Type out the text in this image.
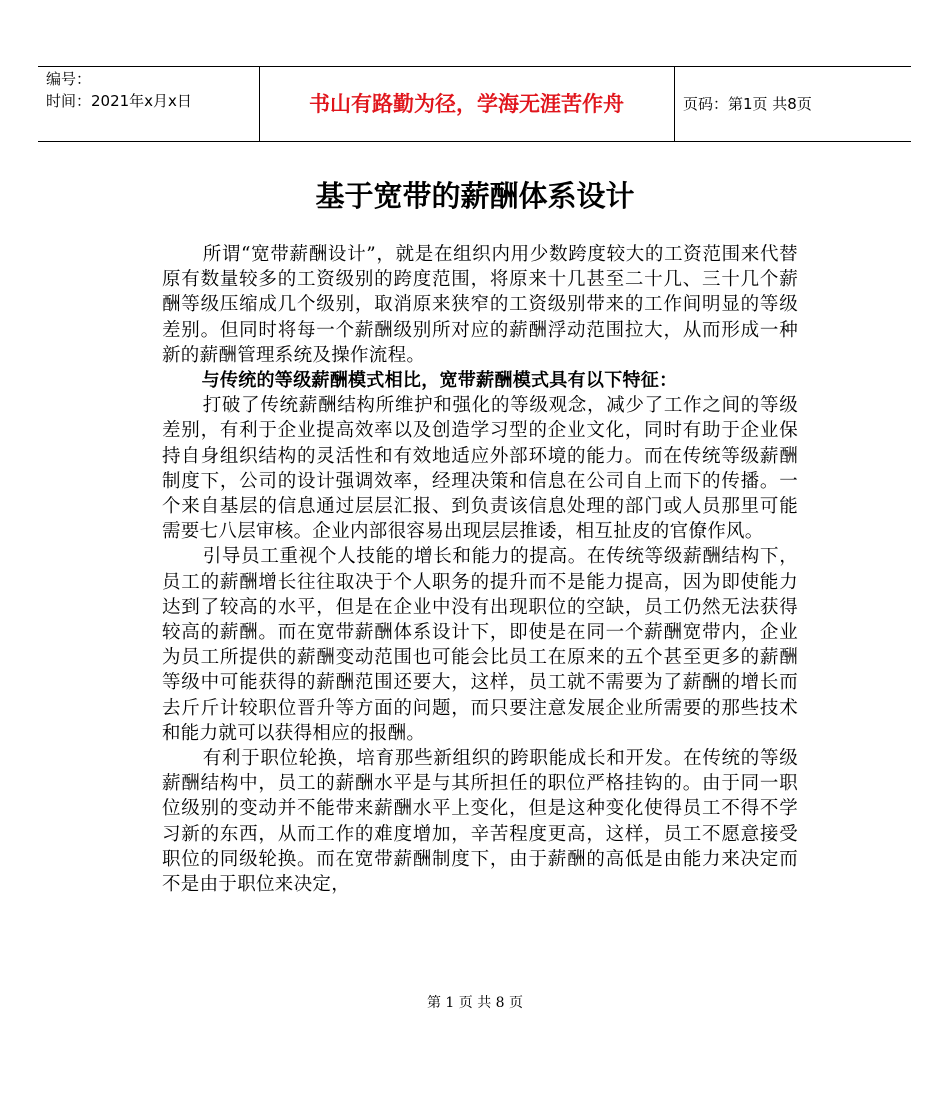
编号：
时间：2021年x月x日	书山有路勤为径，学海无涯苦作舟	页码：第1页 共8页
基于宽带的薪酬体系设计

所谓“宽带薪酬设计”，就是在组织内用少数跨度较大的工资范围来代替原有数量较多的工资级别的跨度范围，将原来十几甚至二十几、三十几个薪酬等级压缩成几个级别，取消原来狭窄的工资级别带来的工作间明显的等级差别。但同时将每一个薪酬级别所对应的薪酬浮动范围拉大，从而形成一种新的薪酬管理系统及操作流程。

与传统的等级薪酬模式相比，宽带薪酬模式具有以下特征：

打破了传统薪酬结构所维护和强化的等级观念，减少了工作之间的等级差别，有利于企业提高效率以及创造学习型的企业文化，同时有助于企业保持自身组织结构的灵活性和有效地适应外部环境的能力。而在传统等级薪酬制度下，公司的设计强调效率，经理决策和信息在公司自上而下的传播。一个来自基层的信息通过层层汇报、到负责该信息处理的部门或人员那里可能需要七八层审核。企业内部很容易出现层层推诿，相互扯皮的官僚作风。

引导员工重视个人技能的增长和能力的提高。在传统等级薪酬结构下，员工的薪酬增长往往取决于个人职务的提升而不是能力提高，因为即使能力达到了较高的水平，但是在企业中没有出现职位的空缺，员工仍然无法获得较高的薪酬。而在宽带薪酬体系设计下，即使是在同一个薪酬宽带内，企业为员工所提供的薪酬变动范围也可能会比员工在原来的五个甚至更多的薪酬等级中可能获得的薪酬范围还要大，这样，员工就不需要为了薪酬的增长而去斤斤计较职位晋升等方面的问题，而只要注意发展企业所需要的那些技术和能力就可以获得相应的报酬。

有利于职位轮换，培育那些新组织的跨职能成长和开发。在传统的等级薪酬结构中，员工的薪酬水平是与其所担任的职位严格挂钩的。由于同一职位级别的变动并不能带来薪酬水平上变化，但是这种变化使得员工不得不学习新的东西，从而工作的难度增加，辛苦程度更高，这样，员工不愿意接受职位的同级轮换。而在宽带薪酬制度下，由于薪酬的高低是由能力来决定而不是由于职位来决定，

第 1 页 共 8 页
